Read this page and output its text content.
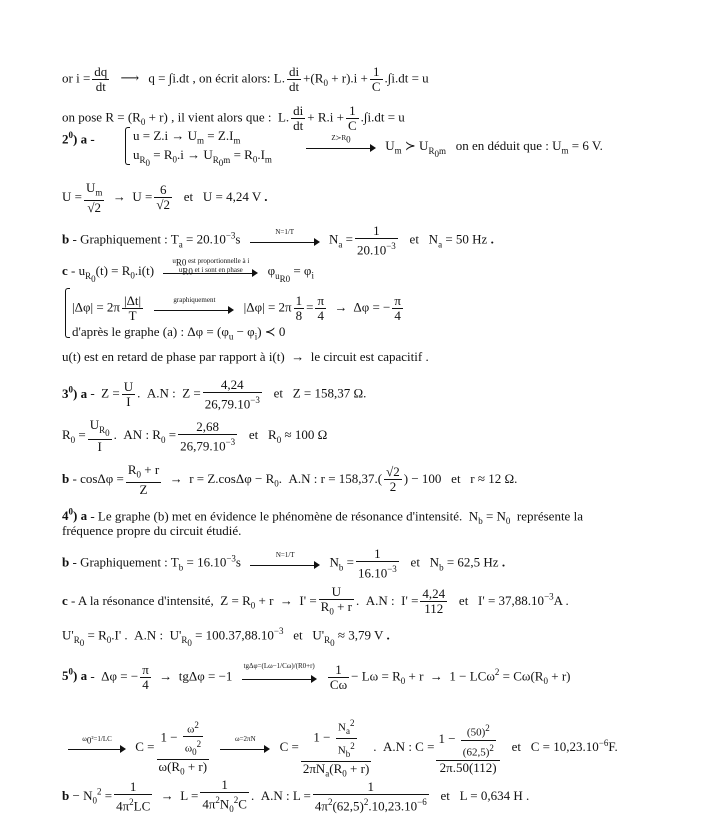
or $i = \frac{dq}{dt}$ ⟶ q = ∫i.dt , on écrit alors: L. $\frac{di}{dt} +(R_0 + r).i + \frac{1}{C} .\int i.dt = u$
on pose $R = (R_0 + r)$ , il vient alors que :  L. $\frac{di}{dt} + R.i + \frac{1}{C} .\int i.dt = u$
$2^0$) a -	$u = Z.i \to U_m = Z.I_m$
$u_{R_0} = R_0.i \to U_{R_0m} = R_0.I_m$
$Z≻R_0$	$U_m$ ≻ $U_{R_0m}$   on en déduit que : $U_m = 6$ V.
$U = \frac{U_m}{√2} \to U = \frac{6}{√2}$ et   U = 4,24 V .
b - Graphiquement : $T_a = 20.10^{-3}s$	N=1/T	$N_a = \frac{1}{20.10^{-3}}$ et   $N_a = 50$ Hz .
$c - u_{R_0}(t) = R_0.i(t)$
$u_{R0}$ est proportionnelle à i
$u_{R0}$ et i sont en phase	$\varphi_{u_{R0}} = \varphi_i$
$|\Delta\varphi| = 2\pi \frac{|\Delta t|}{T}$
	graphiquement	$|\Delta\varphi| = 2\pi \frac{1}{8} = \frac{\pi}{4} \to \Delta\varphi$ = − $\frac{\pi}{4}$
d'après le graphe (a) : $\Delta\varphi = (\varphi_u - \varphi_i)$ ≺ 0
u(t) est en retard de phase par rapport à i(t)  →  le circuit est capacitif .
$3^0$) $a - Z = \frac{U}{I}$ .  A.N :  $Z = \frac{4,24}{26,79.10^{-3}}$ et   Z = 158,37 Ω.
$R_0 = \frac{U_{R_0}}{I}$ .  AN : $R_0 = \frac{2,68}{26,79.10^{-3}}$ et   $R_0 \approx 100$ Ω
$b - \cos\Delta\varphi = \frac{R_0 + r}{Z} \to r = Z.\cos\Delta\varphi - R_0$.  A.N : $r = 158,37.( \frac{√2}{2}$ ) − 100   et   r ≈ 12 Ω.
$4^0$) a - Le graphe (b) met en évidence le phénomène de résonance d'intensité.  $N_b = N_0$  représente la
fréquence propre du circuit étudié.
b - Graphiquement : $T_b = 16.10^{-3}s$	N=1/T	$N_b = \frac{1}{16.10^{-3}}$ et   $N_b = 62,5$ Hz .
c - A la résonance d'intensité,  $Z = R_0 + r \to I' = \frac{U}{R_0 + r}$ .  A.N :  $I' = \frac{4,24}{112}$ et   $I' = 37,88.10^{-3}A$ .
$U'_{R_0} = R_0.I'$ .  A.N :  $U'_{R_0} = 100.37,88.10^{-3}$   et   $U'_{R_0} \approx 3,79$ V .
$5^0$) a -  Δφ = − $\frac{\pi}{4} \to tg\Delta\varphi = -1$
tgΔφ=(Lω−1/Cω)/(R0+r)
$\frac{1}{C\omega} - L\omega = R_0 + r \to 1 - LC\omega^2 = C\omega(R_0 + r)$
$\omega_0^2=1/LC$	$C = \frac{1 - \frac{\omega^2}{\omega_0^2}}{\omega(R_0 + r)}$
	ω=2πN	$C = \frac{1 - \frac{N_a^2}{N_b^2}}{2\pi N_a(R_0 + r)}$ .  A.N : $C = \frac{1 - \frac{(50)^2}{(62,5)^2}}{2\pi.50(112)}$ et   $C = 10,23.10^{-6}F$.
$b - N_0^2 = \frac{1}{4\pi^2LC} \to L = \frac{1}{4\pi^2N_0^2C}$ .  A.N : $L = \frac{1}{4\pi^2(62,5)^2.10,23.10^{-6}}$ et   L = 0,634 H .
